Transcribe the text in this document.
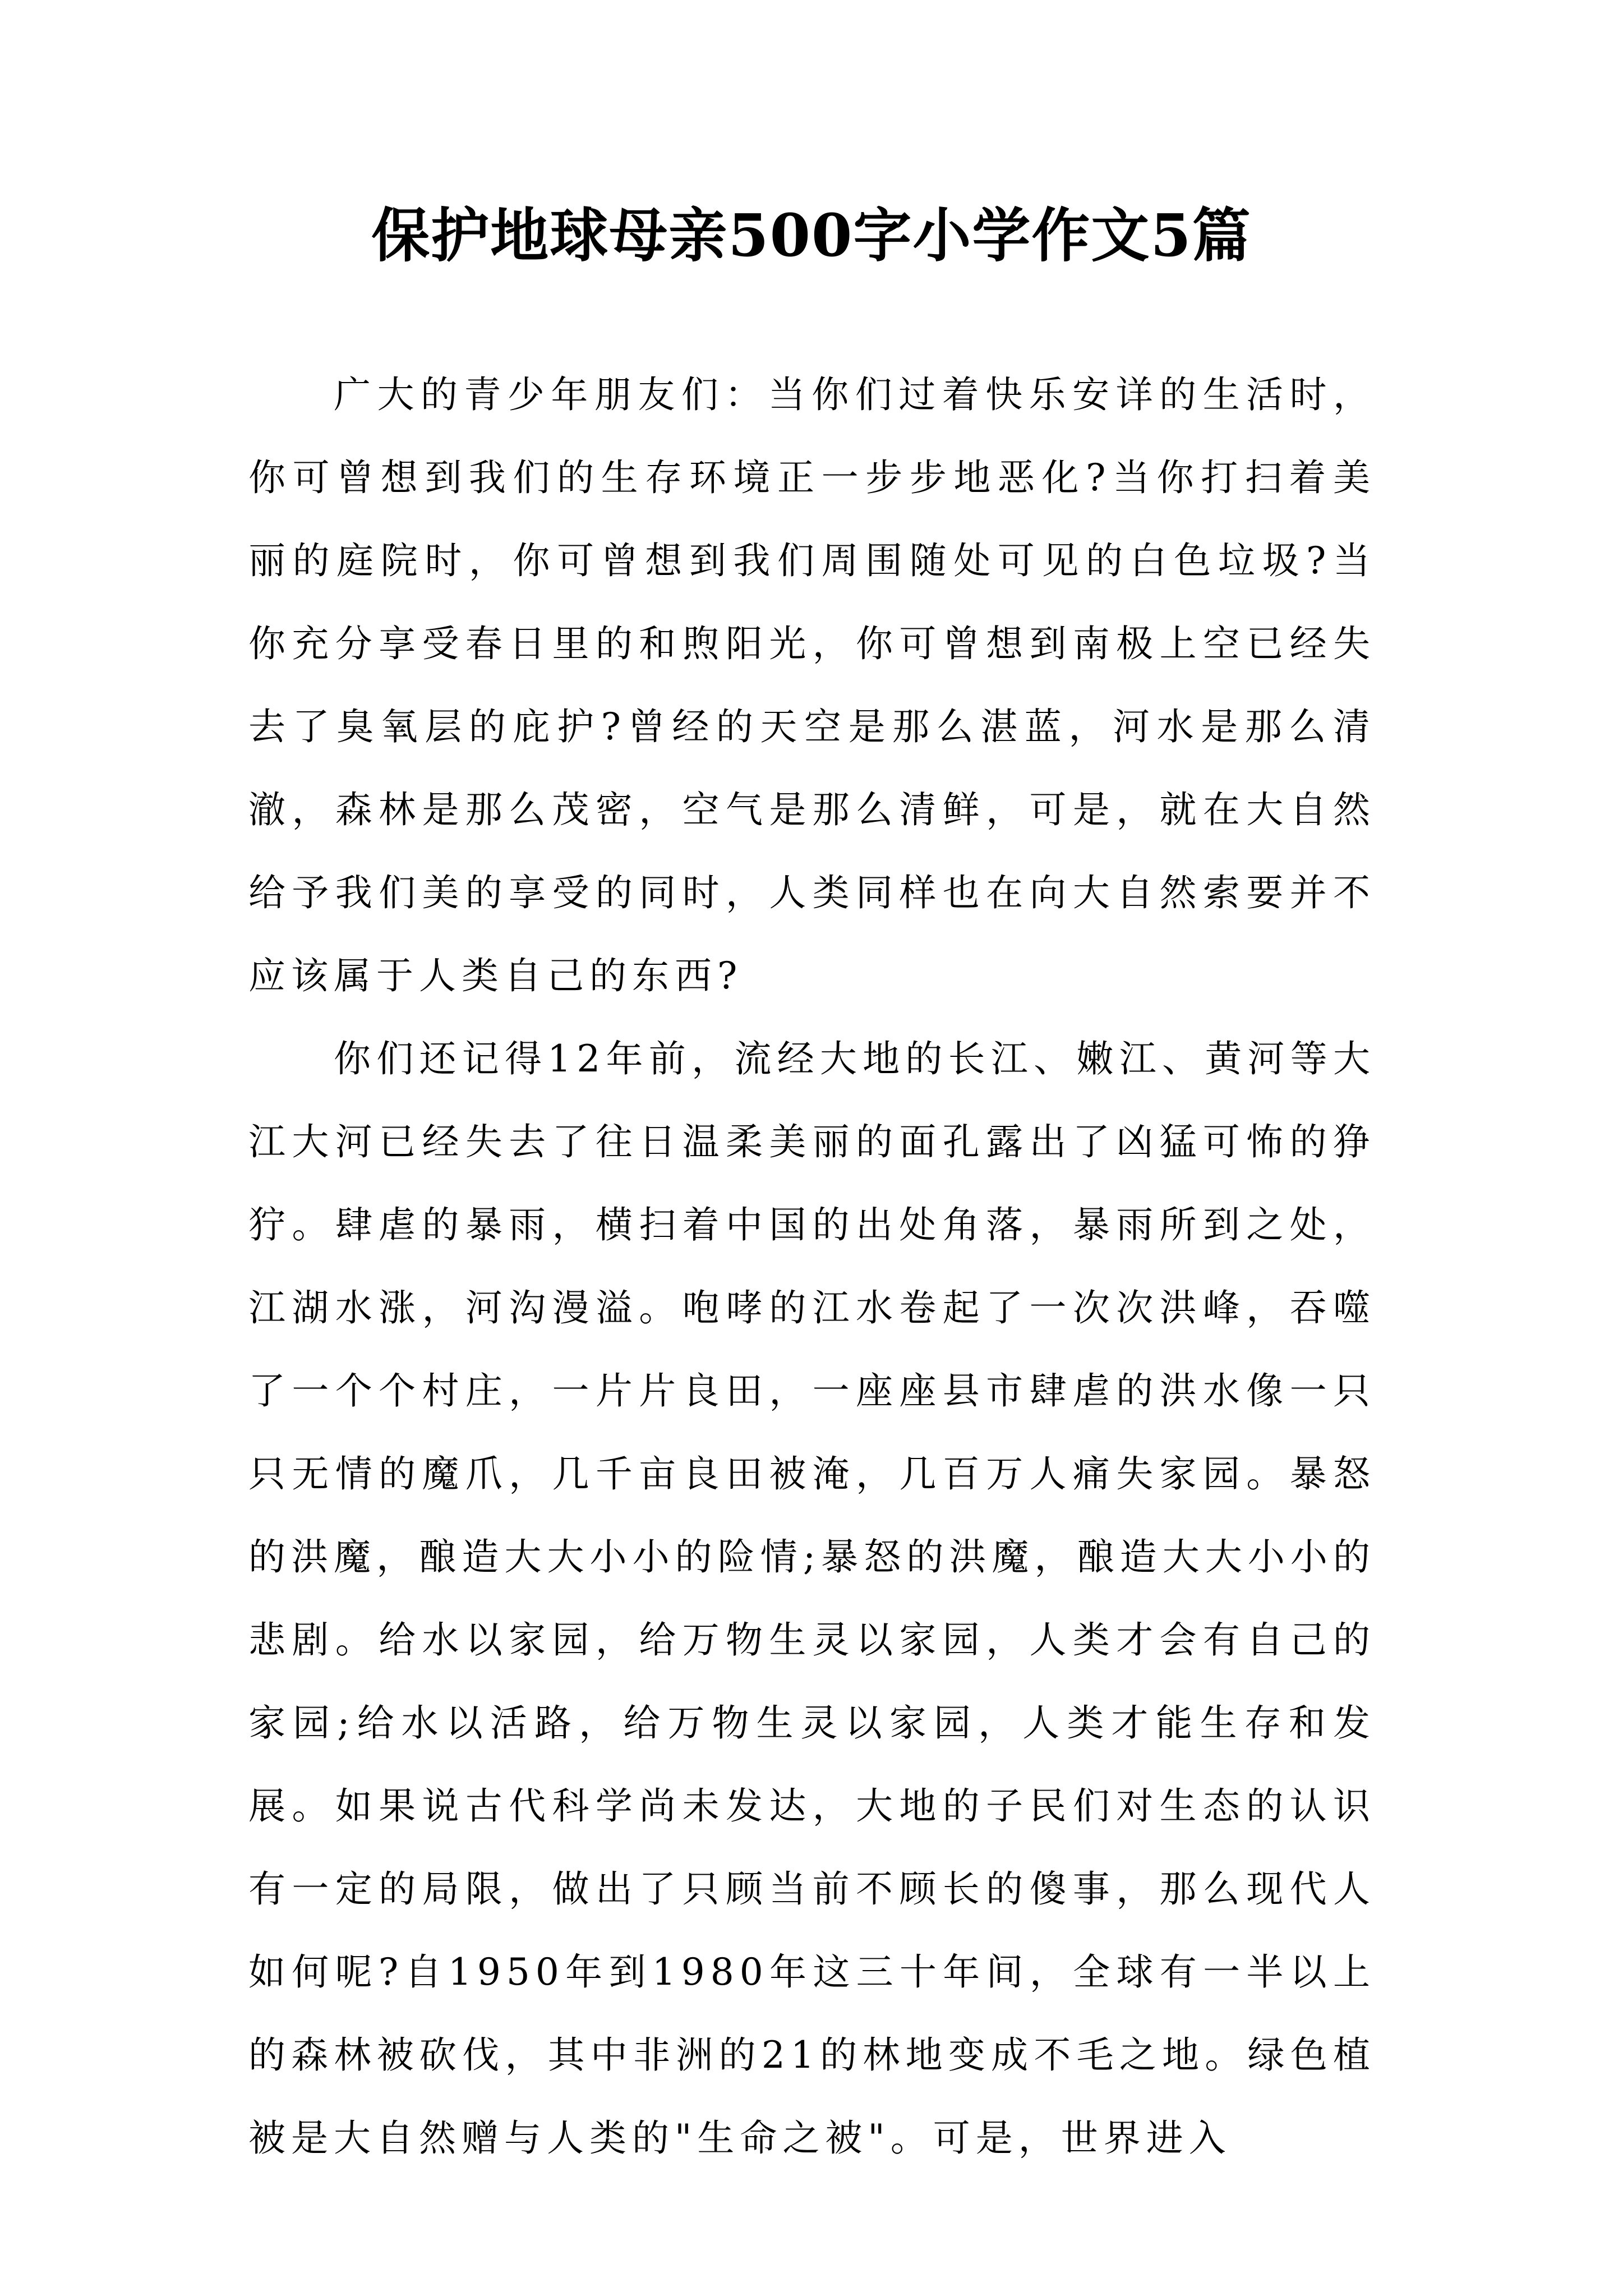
保护地球母亲500字小学作文5篇

广大的青少年朋友们：当你们过着快乐安详的生活时，你可曾想到我们的生存环境正一步步地恶化?当你打扫着美丽的庭院时，你可曾想到我们周围随处可见的白色垃圾?当你充分享受春日里的和煦阳光，你可曾想到南极上空已经失去了臭氧层的庇护?曾经的天空是那么湛蓝，河水是那么清澈，森林是那么茂密，空气是那么清鲜，可是，就在大自然给予我们美的享受的同时，人类同样也在向大自然索要并不应该属于人类自己的东西?

你们还记得12年前，流经大地的长江、嫩江、黄河等大江大河已经失去了往日温柔美丽的面孔露出了凶猛可怖的狰狞。肆虐的暴雨，横扫着中国的出处角落，暴雨所到之处，江湖水涨，河沟漫溢。咆哮的江水卷起了一次次洪峰，吞噬了一个个村庄，一片片良田，一座座县市肆虐的洪水像一只只无情的魔爪，几千亩良田被淹，几百万人痛失家园。暴怒的洪魔，酿造大大小小的险情;暴怒的洪魔，酿造大大小小的悲剧。给水以家园，给万物生灵以家园，人类才会有自己的家园;给水以活路，给万物生灵以家园，人类才能生存和发展。如果说古代科学尚未发达，大地的子民们对生态的认识有一定的局限，做出了只顾当前不顾长的傻事，那么现代人如何呢?自1950年到1980年这三十年间，全球有一半以上的森林被砍伐，其中非洲的21的林地变成不毛之地。绿色植被是大自然赠与人类的"生命之被"。可是，世界进入
